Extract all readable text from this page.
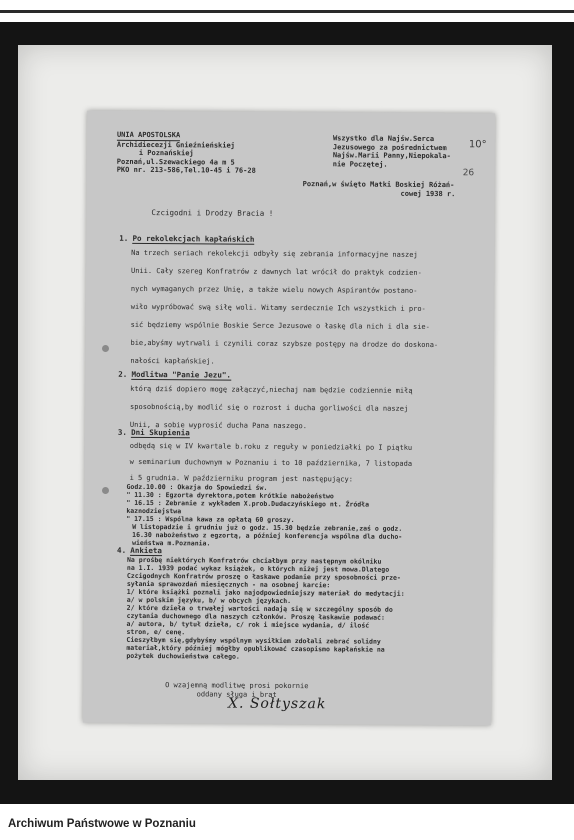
UNIA APOSTOLSKA
Archidiecezji Gnieźnieńskiej
i Poznańskiej
Poznań,ul.Szewackiego 4a m 5
PKO nr. 213-586,Tel.10-45 i 76-28
Wszystko dla Najśw.Serca
Jezusowego za pośrednictwem
Najśw.Marii Panny,Niepokala-
nie Poczętej.
10°
26
Poznań,w święto Matki Boskiej Różań-
cowej 1938 r.
Czcigodni i Drodzy Bracia !
1. Po rekolekcjach kapłańskich
Na trzech seriach rekolekcji odbyły się zebrania informacyjne naszej
Unii. Cały szereg Konfratrów z dawnych lat wrócił do praktyk codzien-
nych wymaganych przez Unię, a także wielu nowych Aspirantów postano-
wiło wypróbować swą siłę woli. Witamy serdecznie Ich wszystkich i pro-
sić będziemy wspólnie Boskie Serce Jezusowe o łaskę dla nich i dla sie-
bie,abyśmy wytrwali i czynili coraz szybsze postępy na drodze do doskona-
nałości kapłańskiej.
2. Modlitwa "Panie Jezu".
którą dziś dopiero mogę załączyć,niechaj nam będzie codziennie miłą
sposobnością,by modlić się o rozrost i ducha gorliwości dla naszej
Unii, a sobie wyprosić ducha Pana naszego.
3. Dni Skupienia
odbędą się w IV kwartale b.roku z reguły w poniedziałki po I piątku
w seminarium duchownym w Poznaniu i to 10 października, 7 listopada
i 5 grudnia. W październiku program jest następujący:
Godz.10.00 : Okazja do Spowiedzi św.
" 11.30 : Egzorta dyrektora,potem krótkie nabożeństwo
" 16.15 : Zebranie z wykładem X.prob.Dudaczyńskiego nt. Źródła
kaznodziejstwa
" 17.15 : Wspólna kawa za opłatą 60 groszy.
W listopadzie i grudniu już o godz. 15.30 będzie zebranie,zaś o godz.
16.30 nabożeństwo z egzortą, a później konferencja wspólna dla ducho-
wieństwa m.Poznania.
4. Ankieta
Na prośbę niektórych Konfratrów chciałbym przy następnym okólniku
na 1.I. 1939 podać wykaz książek, o których niżej jest mowa.Dlatego
Czcigodnych Konfratrów proszę o łaskawe podanie przy sposobności prze-
syłania sprawozdań miesięcznych - na osobnej karcie:
1/ które książki poznali jako najodpowiedniejszy materiał do medytacji:
a/ w polskim języku, b/ w obcych językach.
2/ które dzieła o trwałej wartości nadają się w szczególny sposób do
czytania duchownego dla naszych członków. Proszę łaskawie podawać:
a/ autora, b/ tytuł dzieła, c/ rok i miejsce wydania, d/ ilość
stron, e/ cenę.
Cieszyłbym się,gdybyśmy wspólnym wysiłkiem zdołali zebrać solidny
materiał,który później mógłby opublikować czasopismo kapłańskie na
pożytek duchowieństwa całego.
O wzajemną modlitwę prosi pokornie
oddany sługa i brat
X. Sołtyszak
Archiwum Państwowe w Poznaniu
